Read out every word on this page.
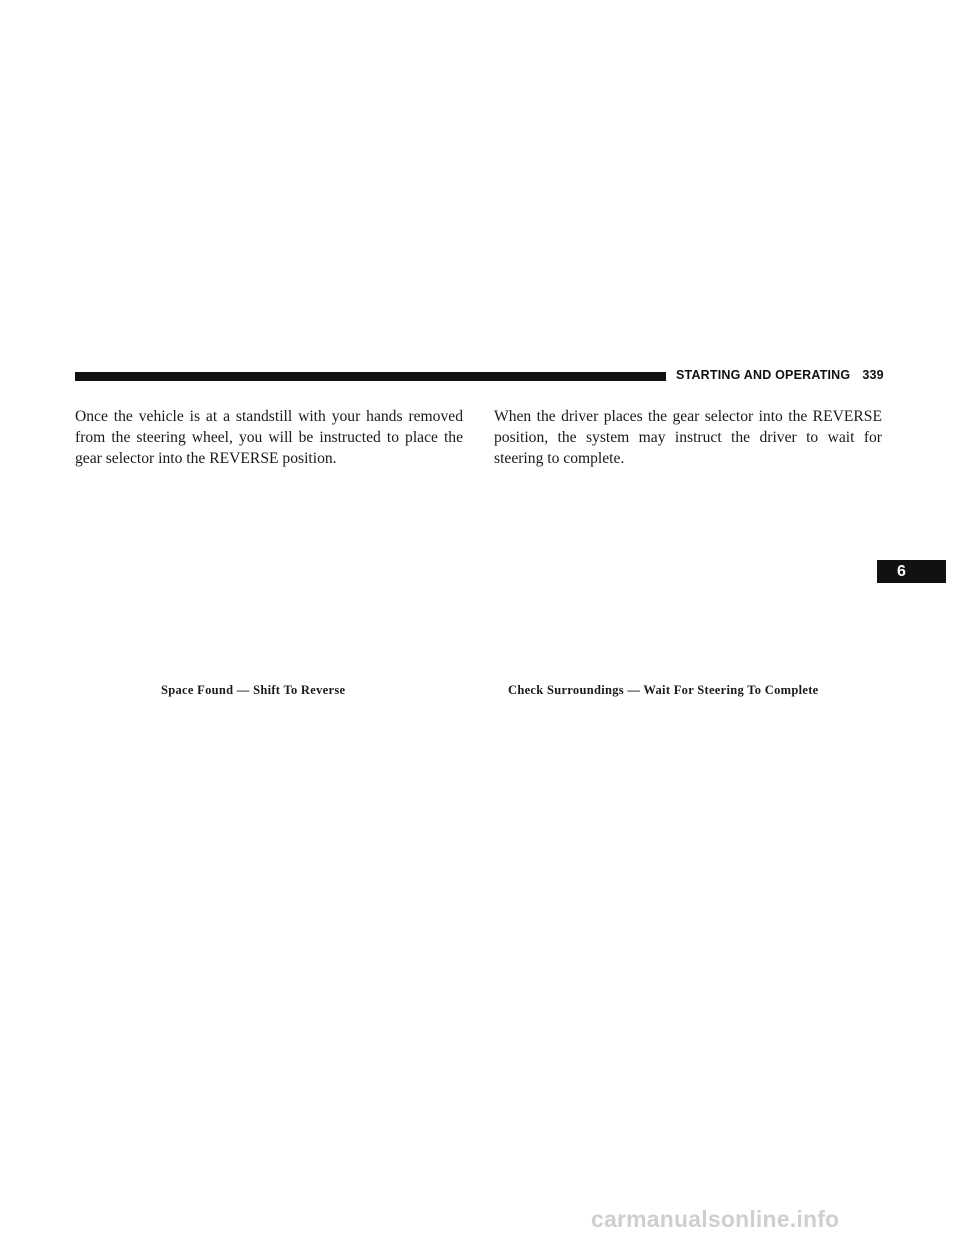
STARTING AND OPERATING 339

Once the vehicle is at a standstill with your hands removed from the steering wheel, you will be instructed to place the gear selector into the REVERSE position.

When the driver places the gear selector into the REVERSE position, the system may instruct the driver to wait for steering to complete.

6
Space Found — Shift To Reverse	Check Surroundings — Wait For Steering To Complete
carmanualsonline.info
